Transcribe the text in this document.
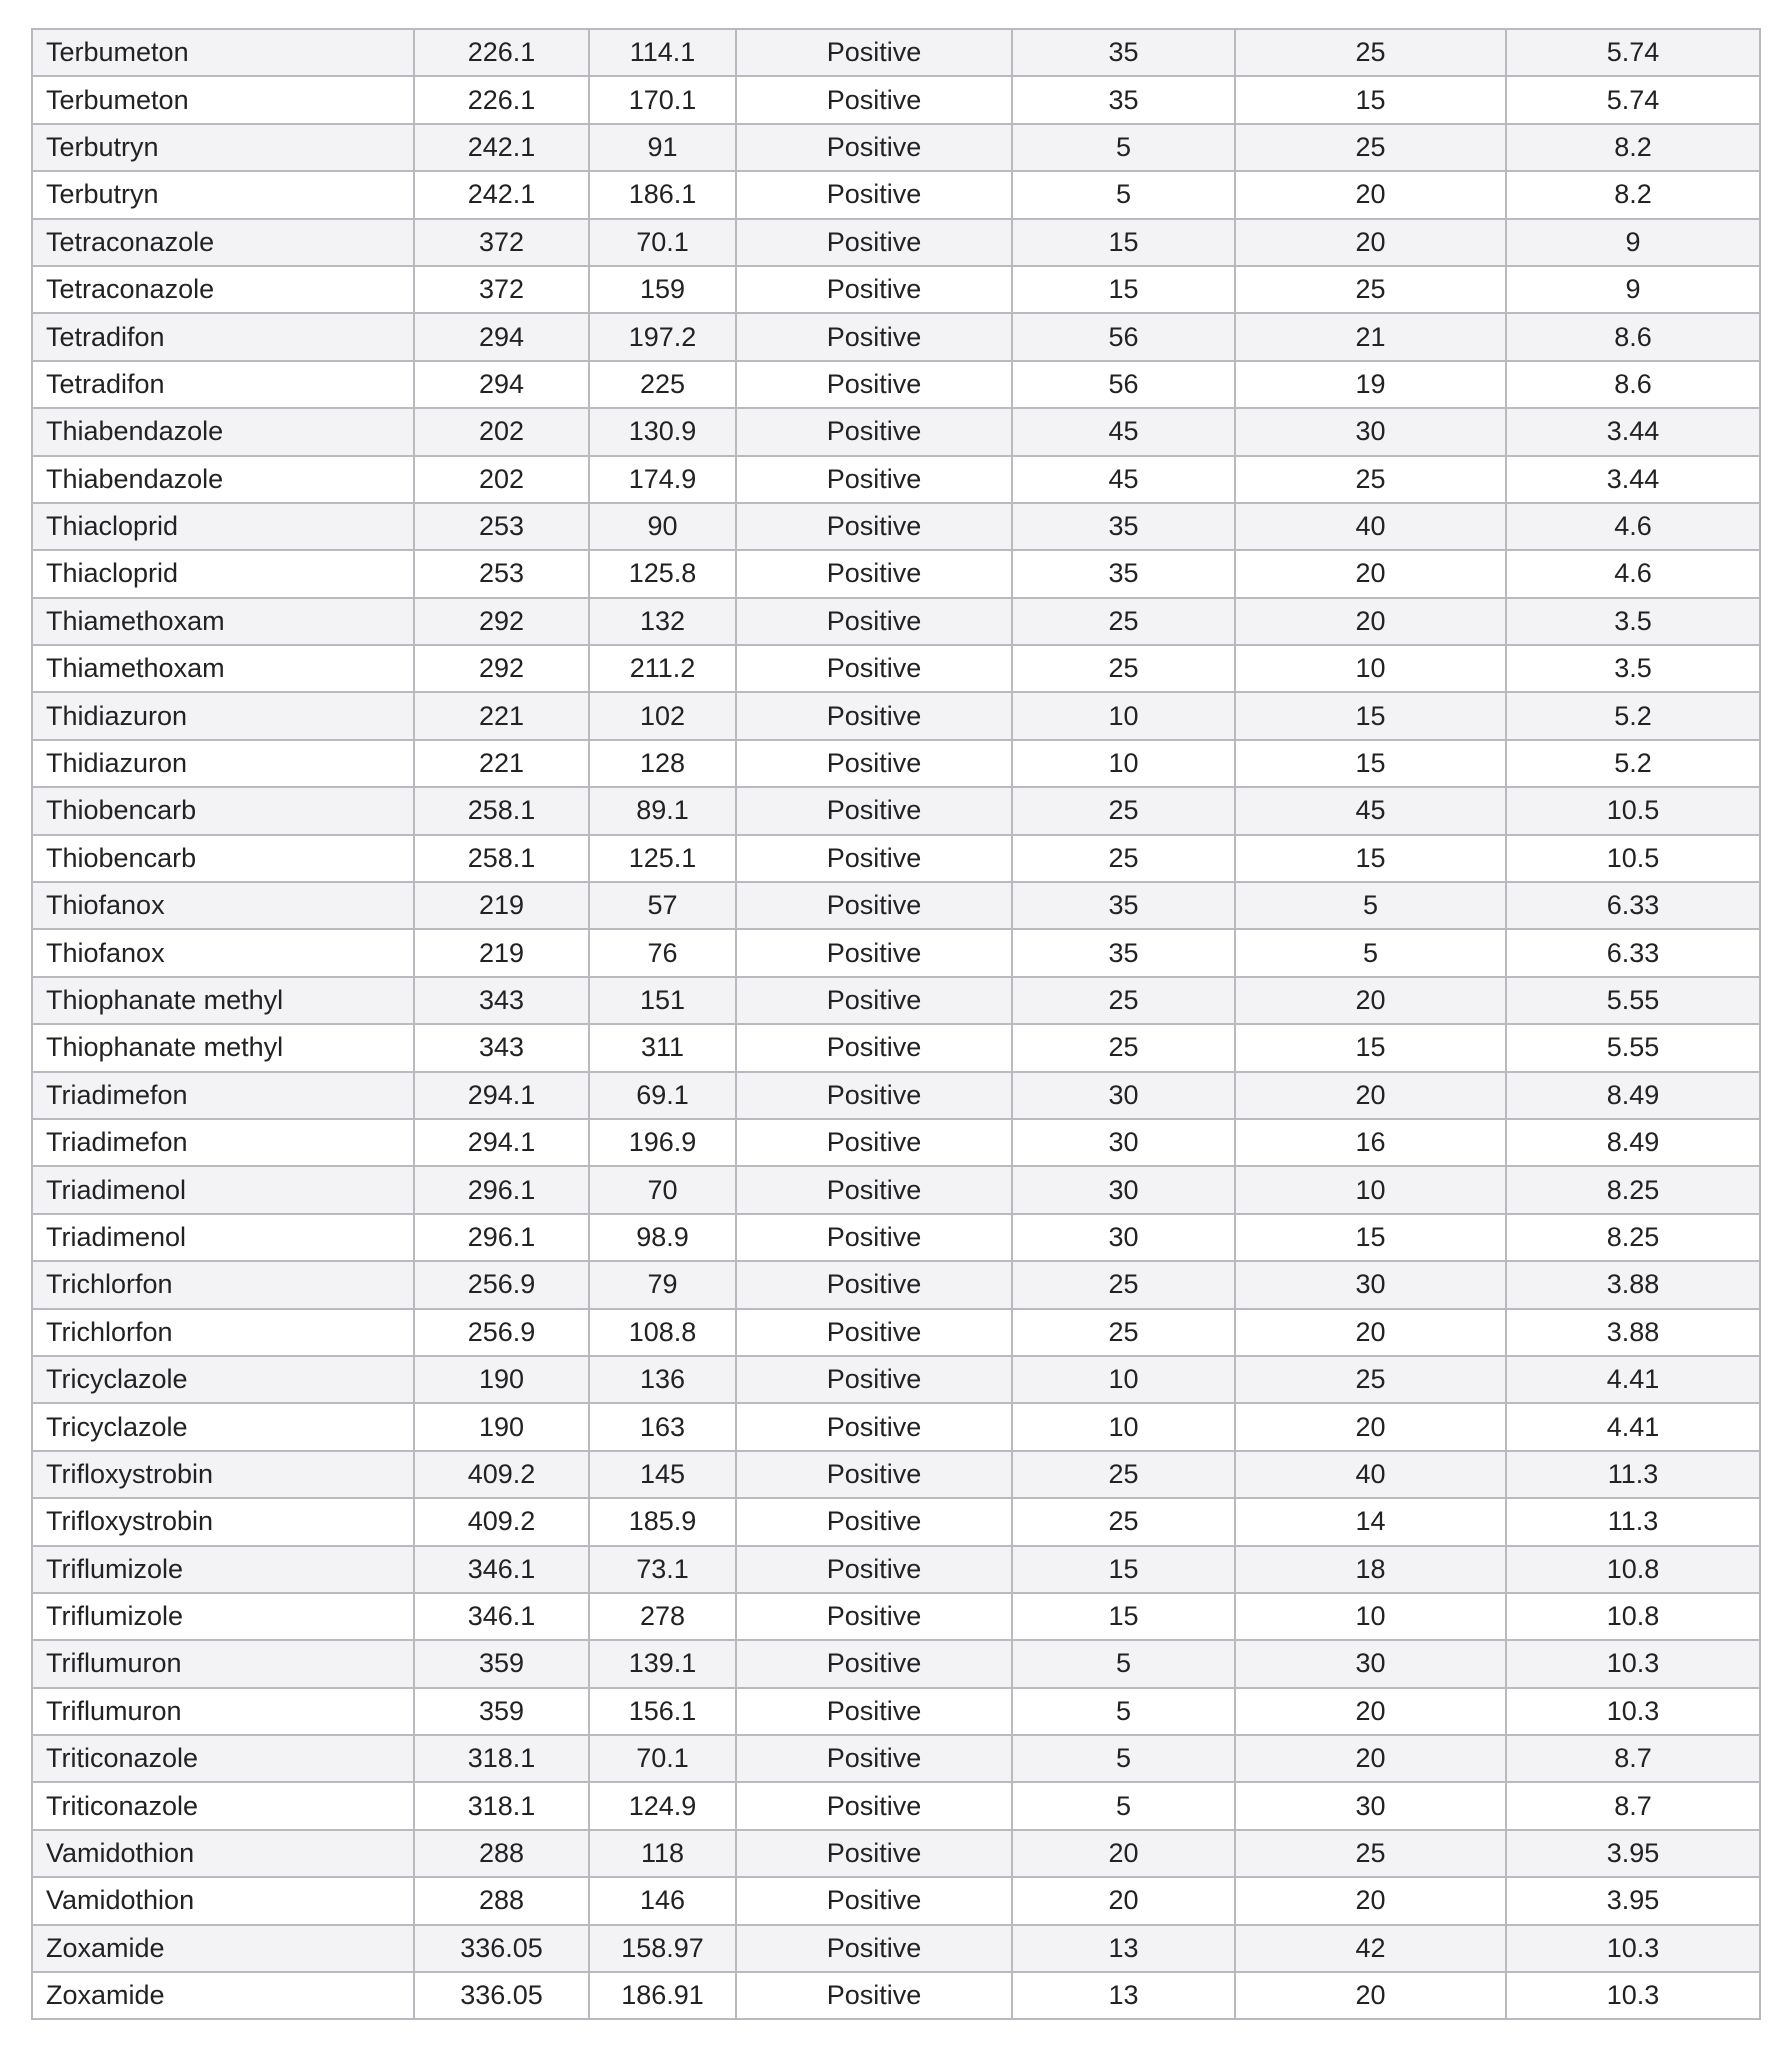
Terbumeton	226.1	114.1	Positive	35	25	5.74
Terbumeton	226.1	170.1	Positive	35	15	5.74
Terbutryn	242.1	91	Positive	5	25	8.2
Terbutryn	242.1	186.1	Positive	5	20	8.2
Tetraconazole	372	70.1	Positive	15	20	9
Tetraconazole	372	159	Positive	15	25	9
Tetradifon	294	197.2	Positive	56	21	8.6
Tetradifon	294	225	Positive	56	19	8.6
Thiabendazole	202	130.9	Positive	45	30	3.44
Thiabendazole	202	174.9	Positive	45	25	3.44
Thiacloprid	253	90	Positive	35	40	4.6
Thiacloprid	253	125.8	Positive	35	20	4.6
Thiamethoxam	292	132	Positive	25	20	3.5
Thiamethoxam	292	211.2	Positive	25	10	3.5
Thidiazuron	221	102	Positive	10	15	5.2
Thidiazuron	221	128	Positive	10	15	5.2
Thiobencarb	258.1	89.1	Positive	25	45	10.5
Thiobencarb	258.1	125.1	Positive	25	15	10.5
Thiofanox	219	57	Positive	35	5	6.33
Thiofanox	219	76	Positive	35	5	6.33
Thiophanate methyl	343	151	Positive	25	20	5.55
Thiophanate methyl	343	311	Positive	25	15	5.55
Triadimefon	294.1	69.1	Positive	30	20	8.49
Triadimefon	294.1	196.9	Positive	30	16	8.49
Triadimenol	296.1	70	Positive	30	10	8.25
Triadimenol	296.1	98.9	Positive	30	15	8.25
Trichlorfon	256.9	79	Positive	25	30	3.88
Trichlorfon	256.9	108.8	Positive	25	20	3.88
Tricyclazole	190	136	Positive	10	25	4.41
Tricyclazole	190	163	Positive	10	20	4.41
Trifloxystrobin	409.2	145	Positive	25	40	11.3
Trifloxystrobin	409.2	185.9	Positive	25	14	11.3
Triflumizole	346.1	73.1	Positive	15	18	10.8
Triflumizole	346.1	278	Positive	15	10	10.8
Triflumuron	359	139.1	Positive	5	30	10.3
Triflumuron	359	156.1	Positive	5	20	10.3
Triticonazole	318.1	70.1	Positive	5	20	8.7
Triticonazole	318.1	124.9	Positive	5	30	8.7
Vamidothion	288	118	Positive	20	25	3.95
Vamidothion	288	146	Positive	20	20	3.95
Zoxamide	336.05	158.97	Positive	13	42	10.3
Zoxamide	336.05	186.91	Positive	13	20	10.3
